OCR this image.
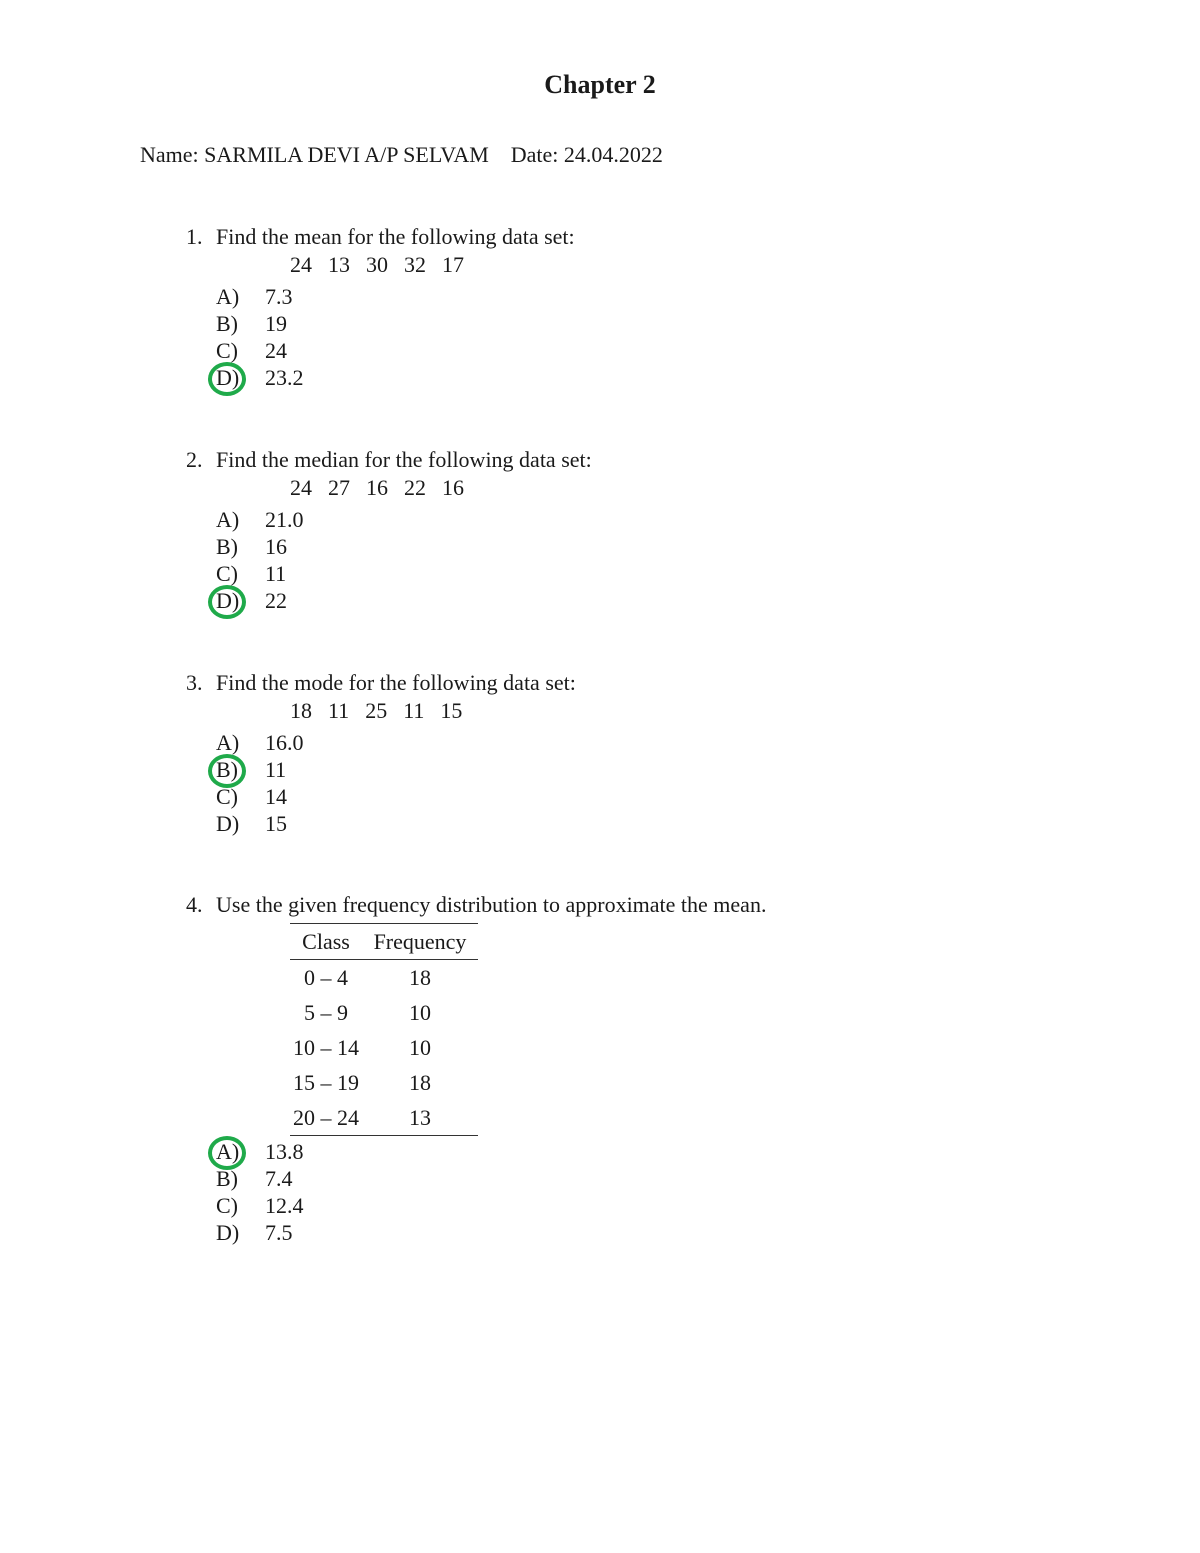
Chapter 2
Name: SARMILA DEVI A/P SELVAM Date: 24.04.2022
1. Find the mean for the following data set:
24 13 30 32 17
A) 7.3
B) 19
C) 24
D) 23.2
2. Find the median for the following data set:
24 27 16 22 16
A) 21.0
B) 16
C) 11
D) 22
3. Find the mode for the following data set:
18 11 25 11 15
A) 16.0
B) 11
C) 14
D) 15
4. Use the given frequency distribution to approximate the mean.
Class	Frequency
0 – 4	18
5 – 9	10
10 – 14	10
15 – 19	18
20 – 24	13
A) 13.8
B) 7.4
C) 12.4
D) 7.5
